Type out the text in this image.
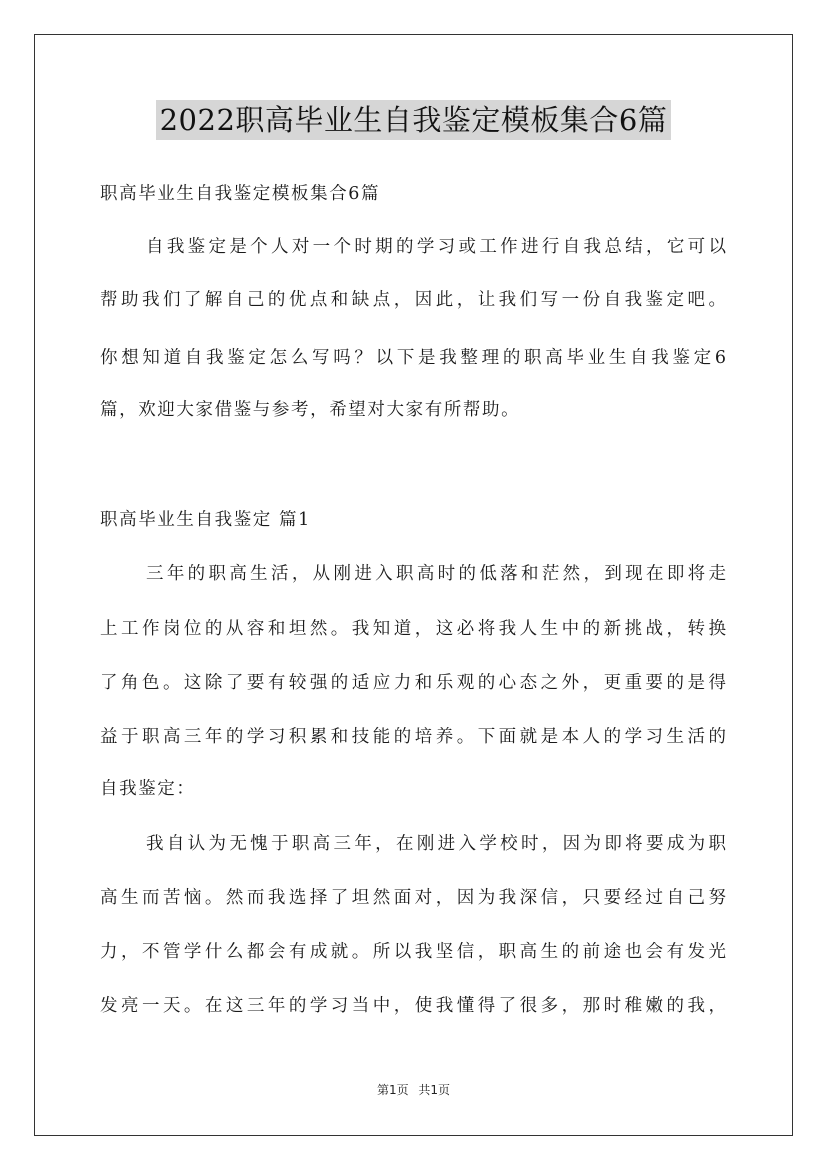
2022职高毕业生自我鉴定模板集合6篇
职高毕业生自我鉴定模板集合6篇
自我鉴定是个人对一个时期的学习或工作进行自我总结，它可以
帮助我们了解自己的优点和缺点，因此，让我们写一份自我鉴定吧。
你想知道自我鉴定怎么写吗？以下是我整理的职高毕业生自我鉴定6
篇，欢迎大家借鉴与参考，希望对大家有所帮助。
职高毕业生自我鉴定 篇1
三年的职高生活，从刚进入职高时的低落和茫然，到现在即将走
上工作岗位的从容和坦然。我知道，这必将我人生中的新挑战，转换
了角色。这除了要有较强的适应力和乐观的心态之外，更重要的是得
益于职高三年的学习积累和技能的培养。下面就是本人的学习生活的
自我鉴定：
我自认为无愧于职高三年，在刚进入学校时，因为即将要成为职
高生而苦恼。然而我选择了坦然面对，因为我深信，只要经过自己努
力，不管学什么都会有成就。所以我坚信，职高生的前途也会有发光
发亮一天。在这三年的学习当中，使我懂得了很多，那时稚嫩的我，
第1页 共1页
